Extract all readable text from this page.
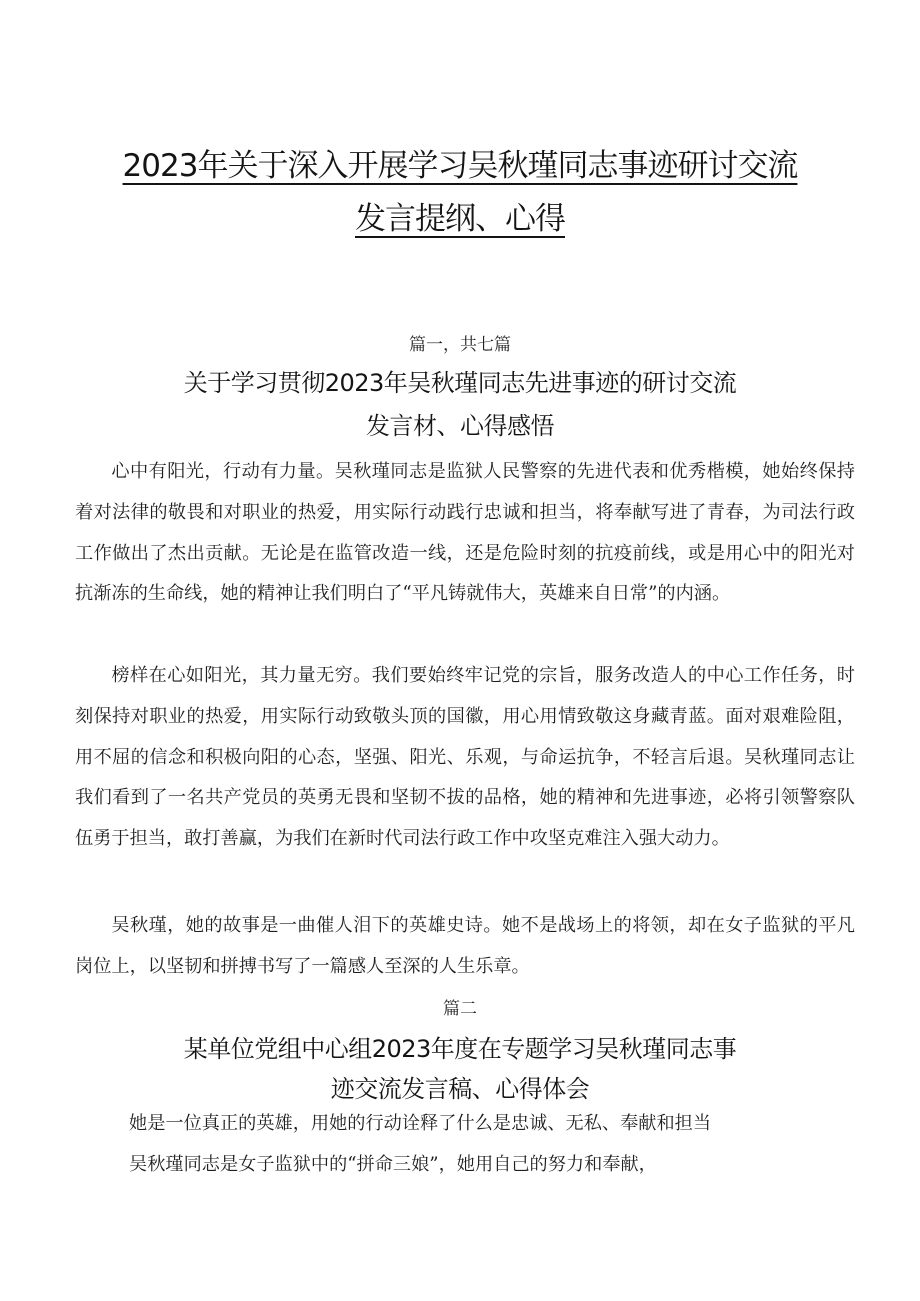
2023年关于深入开展学习吴秋瑾同志事迹研讨交流
发言提纲、心得
篇一，共七篇
关于学习贯彻2023年吴秋瑾同志先进事迹的研讨交流
发言材、心得感悟

心中有阳光，行动有力量。吴秋瑾同志是监狱人民警察的先进代表和优秀楷模，她始终保持着对法律的敬畏和对职业的热爱，用实际行动践行忠诚和担当，将奉献写进了青春，为司法行政工作做出了杰出贡献。无论是在监管改造一线，还是危险时刻的抗疫前线，或是用心中的阳光对抗渐冻的生命线，她的精神让我们明白了“平凡铸就伟大，英雄来自日常”的内涵。

榜样在心如阳光，其力量无穷。我们要始终牢记党的宗旨，服务改造人的中心工作任务，时刻保持对职业的热爱，用实际行动致敬头顶的国徽，用心用情致敬这身藏青蓝。面对艰难险阻，用不屈的信念和积极向阳的心态，坚强、阳光、乐观，与命运抗争，不轻言后退。吴秋瑾同志让我们看到了一名共产党员的英勇无畏和坚韧不拔的品格，她的精神和先进事迹，必将引领警察队伍勇于担当，敢打善赢，为我们在新时代司法行政工作中攻坚克难注入强大动力。

吴秋瑾，她的故事是一曲催人泪下的英雄史诗。她不是战场上的将领，却在女子监狱的平凡岗位上，以坚韧和拼搏书写了一篇感人至深的人生乐章。

篇二
某单位党组中心组2023年度在专题学习吴秋瑾同志事
迹交流发言稿、心得体会

她是一位真正的英雄，用她的行动诠释了什么是忠诚、无私、奉献和担当

吴秋瑾同志是女子监狱中的“拼命三娘”，她用自己的努力和奉献，
